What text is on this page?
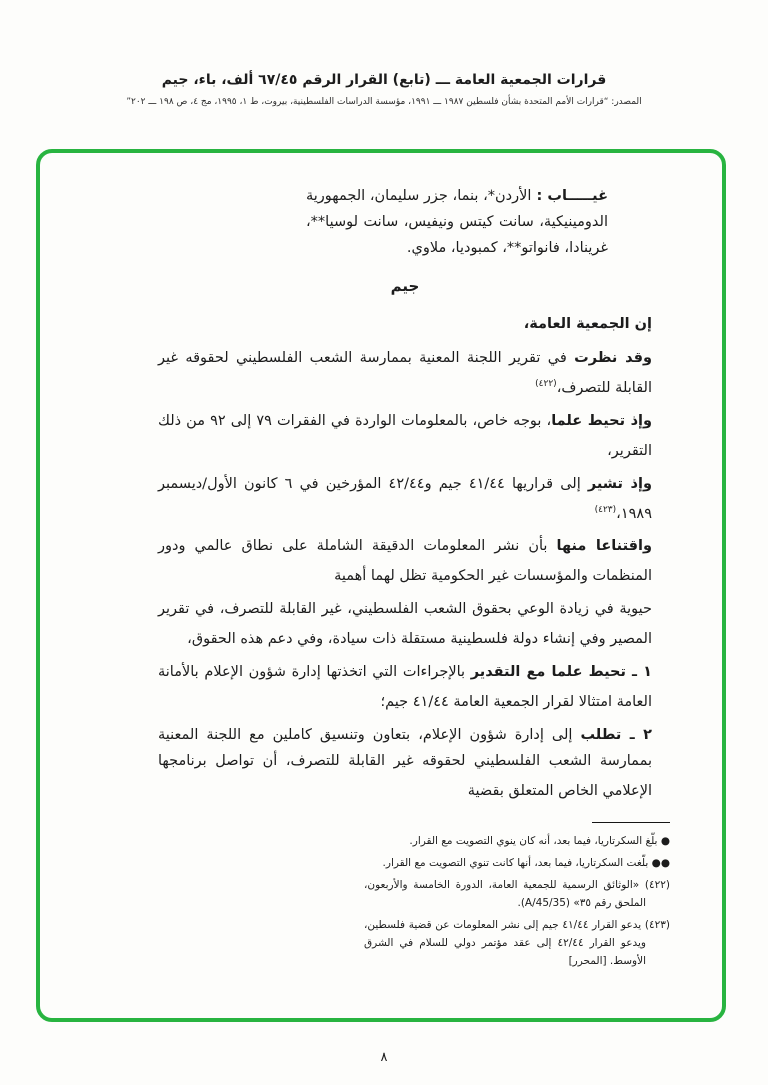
قرارات الجمعية العامة ـــ (تابع) القرار الرقم ٦٧/٤٥ ألف، باء، جيم
المصدر: “قرارات الأمم المتحدة بشأن فلسطين ١٩٨٧ ـــ ١٩٩١، مؤسسة الدراسات الفلسطينية، بيروت، ط ١، ١٩٩٥، مج ٤، ص ١٩٨ ـــ ٢٠٢”

غيـــــاب : الأردن*، بنما، جزر سليمان، الجمهورية الدومينيكية، سانت كيتس ونيفيس، سانت لوسيا**، غرينادا، فانواتو**، كمبوديا، ملاوي.

جيم

إن الجمعية العامة،

وقد نظرت في تقرير اللجنة المعنية بممارسة الشعب الفلسطيني لحقوقه غير القابلة للتصرف،$^{(٤٢٢)}$

وإذ تحيط علما، بوجه خاص، بالمعلومات الواردة في الفقرات ٧٩ إلى ٩٢ من ذلك التقرير،

وإذ تشير إلى قراريها ٤١/٤٤ جيم و٤٢/٤٤ المؤرخين في ٦ كانون الأول/ديسمبر ١٩٨٩،$^{(٤٢٣)}$

واقتناعا منها بأن نشر المعلومات الدقيقة الشاملة على نطاق عالمي ودور المنظمات والمؤسسات غير الحكومية تظل لهما أهمية

حيوية في زيادة الوعي بحقوق الشعب الفلسطيني، غير القابلة للتصرف، في تقرير المصير وفي إنشاء دولة فلسطينية مستقلة ذات سيادة، وفي دعم هذه الحقوق،

١ ـ تحيط علما مع التقدير بالإجراءات التي اتخذتها إدارة شؤون الإعلام بالأمانة العامة امتثالا لقرار الجمعية العامة ٤١/٤٤ جيم؛

٢ ـ تطلب إلى إدارة شؤون الإعلام، بتعاون وتنسيق كاملين مع اللجنة المعنية بممارسة الشعب الفلسطيني لحقوقه غير القابلة للتصرف، أن تواصل برنامجها الإعلامي الخاص المتعلق بقضية

● بلّغ السكرتاريا، فيما بعد، أنه كان ينوي التصويت مع القرار.

●● بلّغت السكرتاريا، فيما بعد، أنها كانت تنوي التصويت مع القرار.

(٤٢٢) «الوثائق الرسمية للجمعية العامة، الدورة الخامسة والأربعون، الملحق رقم ٣٥» (A/45/35).

(٤٢٣) يدعو القرار ٤١/٤٤ جيم إلى نشر المعلومات عن قضية فلسطين، ويدعو القرار ٤٢/٤٤ إلى عقد مؤتمر دولي للسلام في الشرق الأوسط. [المحرر]

٨
